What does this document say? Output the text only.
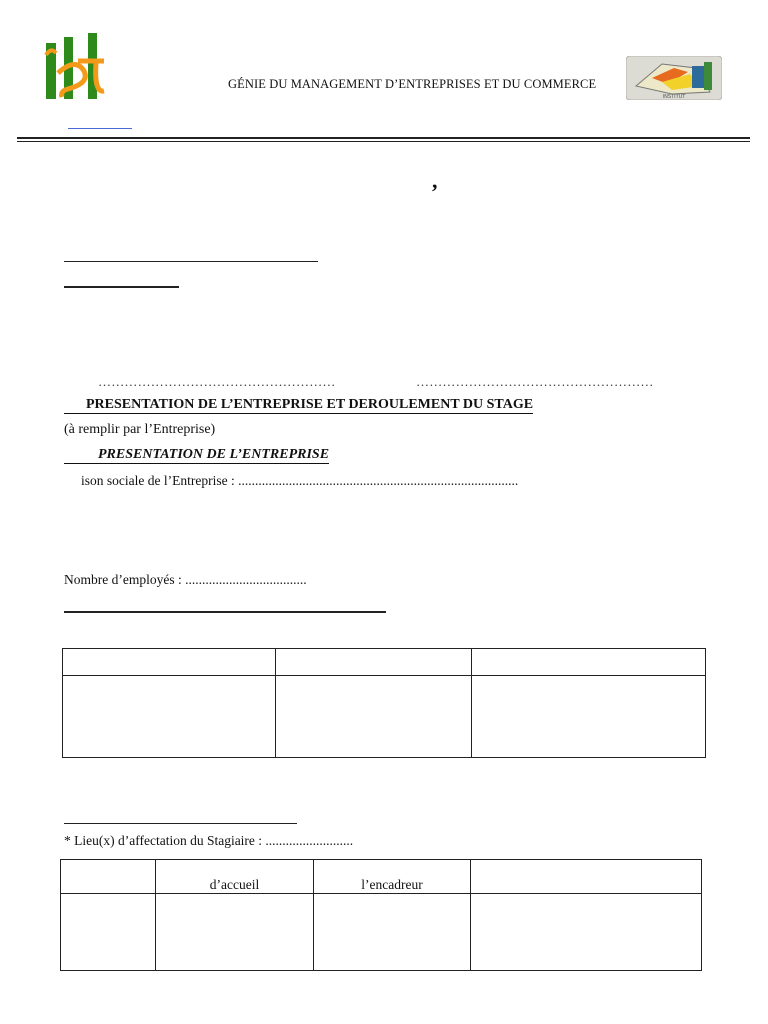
GÉNIE DU MANAGEMENT D’ENTREPRISES ET DU COMMERCE
INSTITUT
,
………………………………………………	………………………………………………
PRESENTATION DE L’ENTREPRISE ET DEROULEMENT DU STAGE
(à remplir par l’Entreprise)
PRESENTATION DE L’ENTREPRISE
ison sociale de l’Entreprise : ...................................................................................
Nombre d’employés : ....................................

* Lieu(x) d’affectation du Stagiaire : ..........................
	d’accueil	l’encadreur	
